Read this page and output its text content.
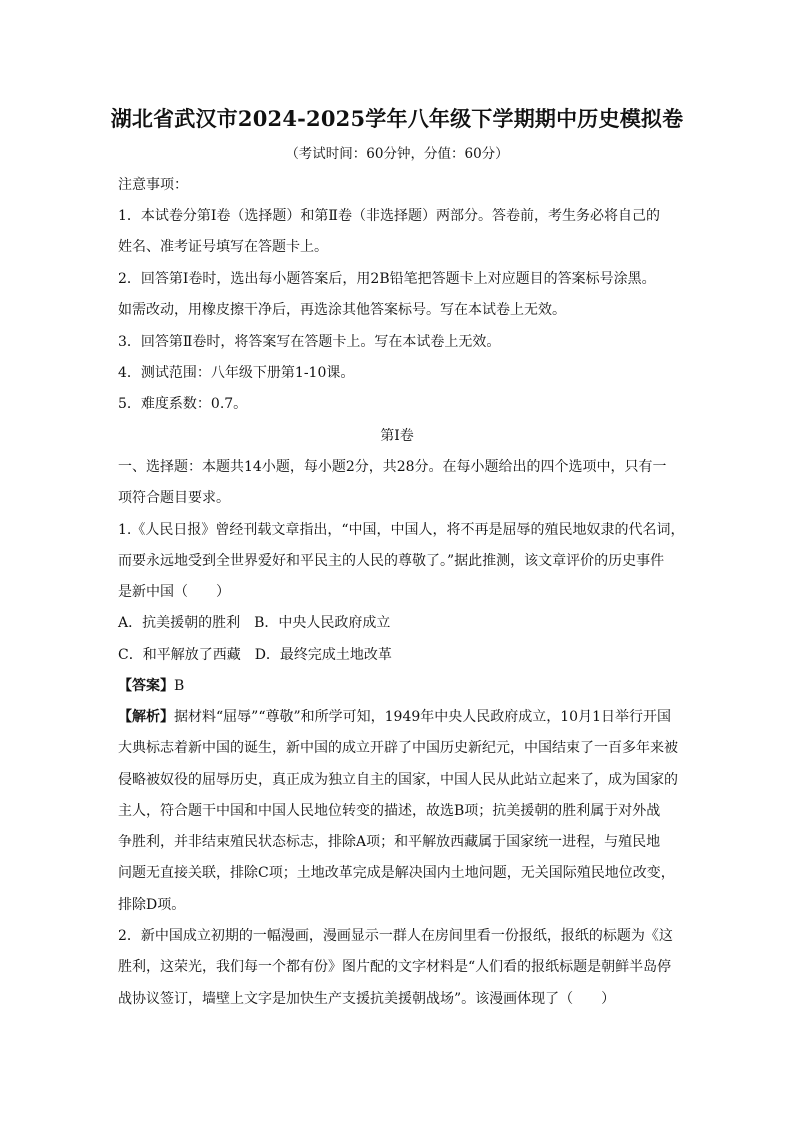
湖北省武汉市2024-2025学年八年级下学期期中历史模拟卷
（考试时间：60分钟，分值：60分）
注意事项：
1．本试卷分第Ⅰ卷（选择题）和第Ⅱ卷（非选择题）两部分。答卷前，考生务必将自己的
姓名、准考证号填写在答题卡上。
2．回答第Ⅰ卷时，选出每小题答案后，用2B铅笔把答题卡上对应题目的答案标号涂黑。
如需改动，用橡皮擦干净后，再选涂其他答案标号。写在本试卷上无效。
3．回答第Ⅱ卷时，将答案写在答题卡上。写在本试卷上无效。
4．测试范围：八年级下册第1-10课。
5．难度系数：0.7。
第Ⅰ卷
一、选择题：本题共14小题，每小题2分，共28分。在每小题给出的四个选项中，只有一
项符合题目要求。
1.《人民日报》曾经刊载文章指出，“中国，中国人，将不再是屈辱的殖民地奴隶的代名词，
而要永远地受到全世界爱好和平民主的人民的尊敬了。”据此推测，该文章评价的历史事件
是新中国（　　）
A．抗美援朝的胜利　B．中央人民政府成立
C．和平解放了西藏　D．最终完成土地改革
【答案】B
【解析】据材料“屈辱”“尊敬”和所学可知，1949年中央人民政府成立，10月1日举行开国
大典标志着新中国的诞生，新中国的成立开辟了中国历史新纪元，中国结束了一百多年来被
侵略被奴役的屈辱历史，真正成为独立自主的国家，中国人民从此站立起来了，成为国家的
主人，符合题干中国和中国人民地位转变的描述，故选B项；抗美援朝的胜利属于对外战
争胜利，并非结束殖民状态标志，排除A项；和平解放西藏属于国家统一进程，与殖民地
问题无直接关联，排除C项；土地改革完成是解决国内土地问题，无关国际殖民地位改变，
排除D项。
2．新中国成立初期的一幅漫画，漫画显示一群人在房间里看一份报纸，报纸的标题为《这
胜利，这荣光，我们每一个都有份》图片配的文字材料是“人们看的报纸标题是朝鲜半岛停
战协议签订，墙壁上文字是加快生产支援抗美援朝战场”。该漫画体现了（　　）
